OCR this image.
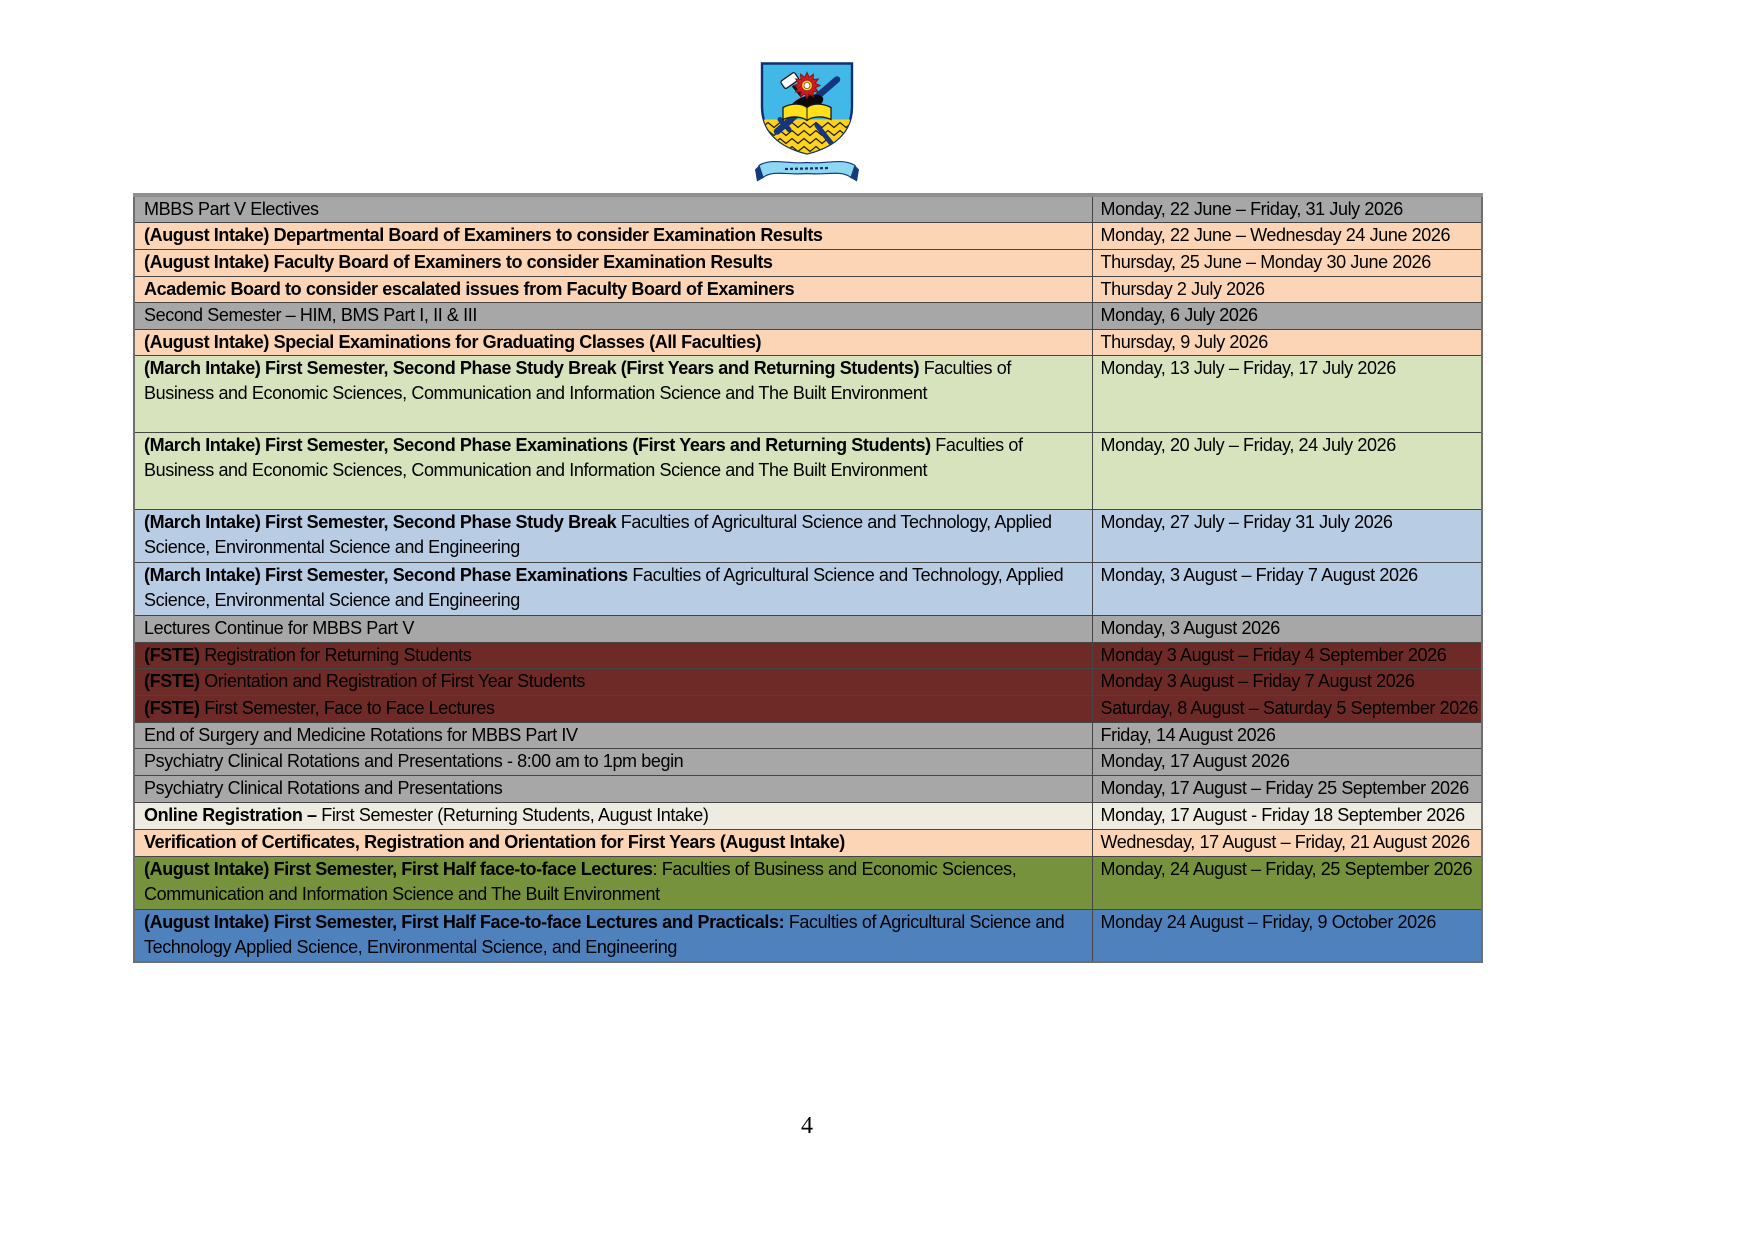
MBBS Part V Electives	Monday, 22 June – Friday, 31 July 2026
(August Intake) Departmental Board of Examiners to consider Examination Results	Monday, 22 June – Wednesday 24 June 2026
(August Intake) Faculty Board of Examiners to consider Examination Results	Thursday, 25 June – Monday 30 June 2026
Academic Board to consider escalated issues from Faculty Board of Examiners	Thursday 2 July 2026
Second Semester – HIM, BMS Part I, II & III	Monday, 6 July 2026
(August Intake) Special Examinations for Graduating Classes (All Faculties)	Thursday, 9 July 2026
(March Intake) First Semester, Second Phase Study Break (First Years and Returning Students) Faculties of Business and Economic Sciences, Communication and Information Science and The Built Environment	Monday, 13 July – Friday, 17 July 2026
(March Intake) First Semester, Second Phase Examinations (First Years and Returning Students) Faculties of Business and Economic Sciences, Communication and Information Science and The Built Environment	Monday, 20 July – Friday, 24 July 2026
(March Intake) First Semester, Second Phase Study Break Faculties of Agricultural Science and Technology, Applied Science, Environmental Science and Engineering	Monday, 27 July – Friday 31 July 2026
(March Intake) First Semester, Second Phase Examinations Faculties of Agricultural Science and Technology, Applied Science, Environmental Science and Engineering	Monday, 3 August – Friday 7 August 2026
Lectures Continue for MBBS Part V	Monday, 3 August 2026
(FSTE) Registration for Returning Students	Monday 3 August – Friday 4 September 2026
(FSTE) Orientation and Registration of First Year Students	Monday 3 August – Friday 7 August 2026
(FSTE) First Semester, Face to Face Lectures	Saturday, 8 August – Saturday 5 September 2026
End of Surgery and Medicine Rotations for MBBS Part IV	Friday, 14 August 2026
Psychiatry Clinical Rotations and Presentations - 8:00 am to 1pm begin	Monday, 17 August 2026
Psychiatry Clinical Rotations and Presentations	Monday, 17 August – Friday 25 September 2026
Online Registration – First Semester (Returning Students, August Intake)	Monday, 17 August - Friday 18 September 2026
Verification of Certificates, Registration and Orientation for First Years (August Intake)	Wednesday, 17 August – Friday, 21 August 2026
(August Intake) First Semester, First Half face-to-face Lectures: Faculties of Business and Economic Sciences, Communication and Information Science and The Built Environment	Monday, 24 August – Friday, 25 September 2026
(August Intake) First Semester, First Half Face-to-face Lectures and Practicals: Faculties of Agricultural Science and Technology Applied Science, Environmental Science, and Engineering	Monday 24 August – Friday, 9 October 2026
4
